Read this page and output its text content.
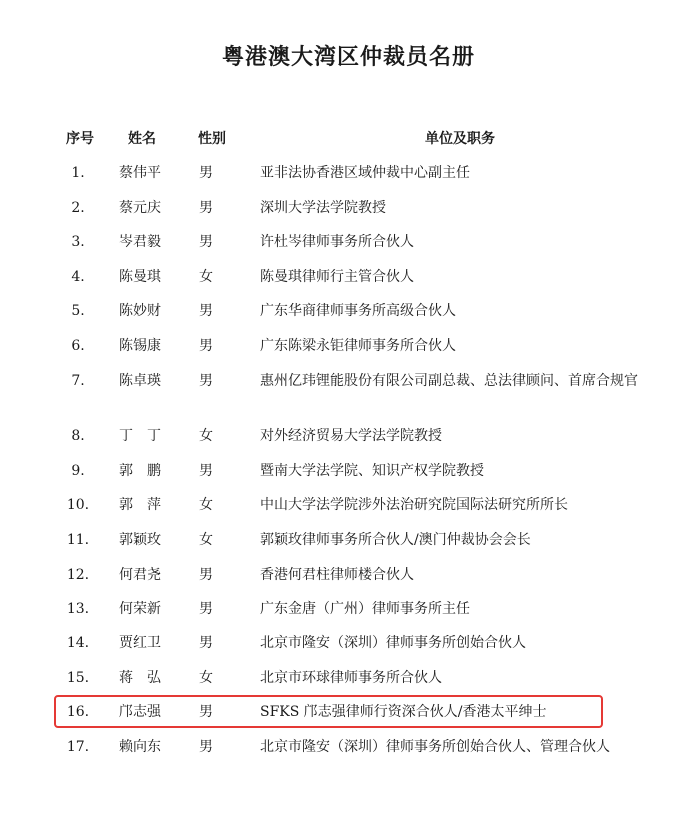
粤港澳大湾区仲裁员名册
序号	姓名	性别	单位及职务
1.	蔡伟平	男	亚非法协香港区域仲裁中心副主任
2.	蔡元庆	男	深圳大学法学院教授
3.	岑君毅	男	许杜岑律师事务所合伙人
4.	陈曼琪	女	陈曼琪律师行主管合伙人
5.	陈妙财	男	广东华商律师事务所高级合伙人
6.	陈锡康	男	广东陈梁永钜律师事务所合伙人
7.	陈卓瑛	男	惠州亿玮锂能股份有限公司副总裁、总法律顾问、首席合规官
8.	丁　丁	女	对外经济贸易大学法学院教授
9.	郭　鹏	男	暨南大学法学院、知识产权学院教授
10.	郭　萍	女	中山大学法学院涉外法治研究院国际法研究所所长
11.	郭颖玫	女	郭颖玫律师事务所合伙人/澳门仲裁协会会长
12.	何君尧	男	香港何君柱律师楼合伙人
13.	何荣新	男	广东金唐（广州）律师事务所主任
14.	贾红卫	男	北京市隆安（深圳）律师事务所创始合伙人
15.	蒋　弘	女	北京市环球律师事务所合伙人
16.	邝志强	男	SFKS 邝志强律师行资深合伙人/香港太平绅士
17.	赖向东	男	北京市隆安（深圳）律师事务所创始合伙人、管理合伙人
